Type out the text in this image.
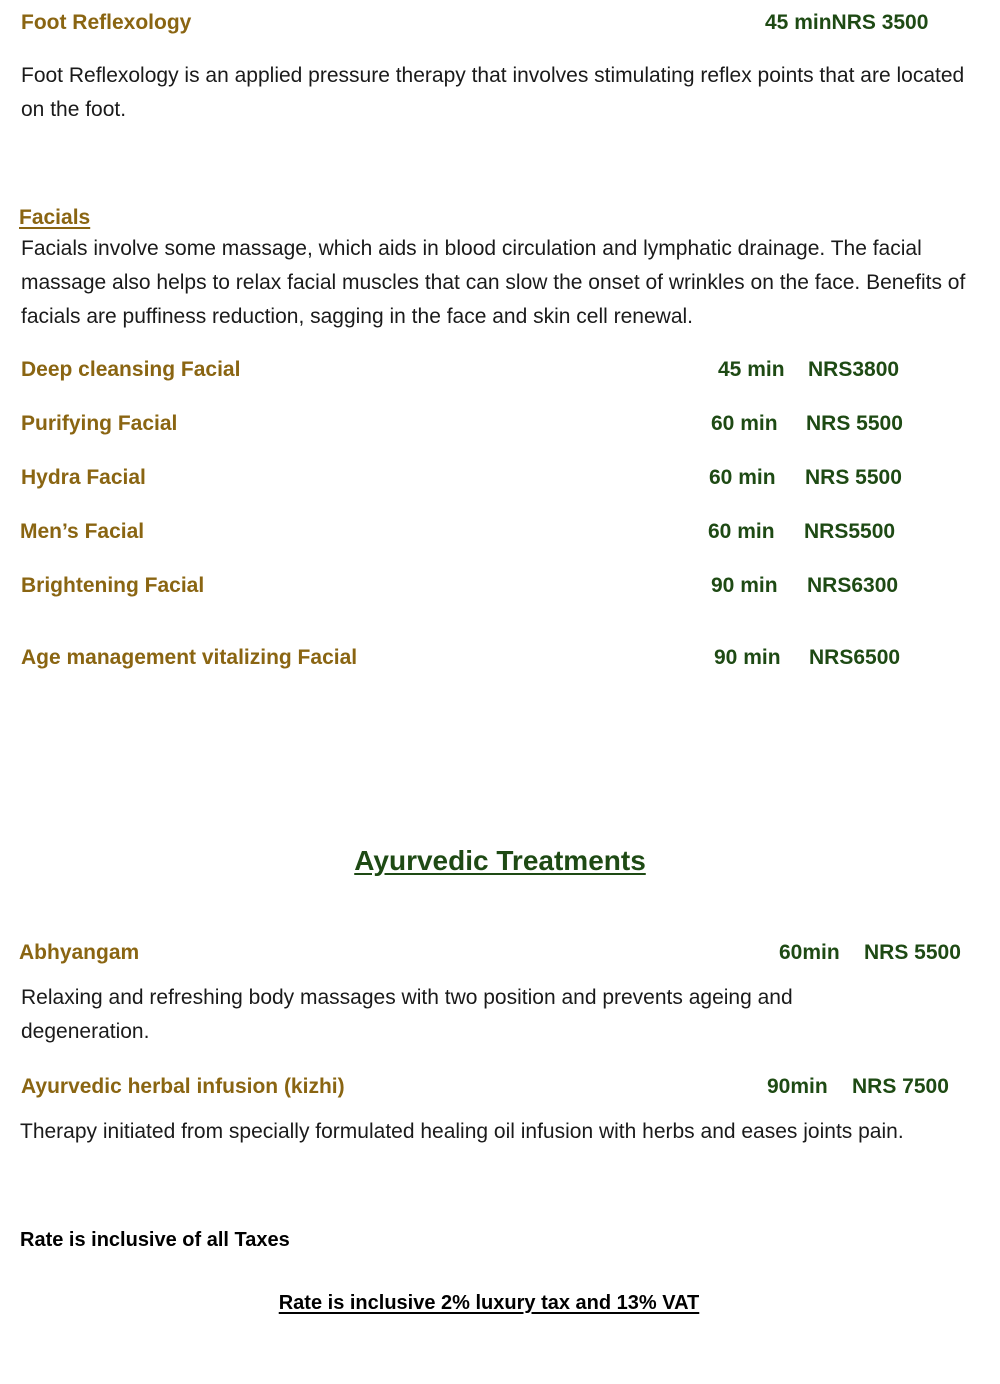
Foot Reflexology	45 minNRS 3500
Foot Reflexology is an applied pressure therapy that involves stimulating reflex points that are located on the foot.
Facials
Facials involve some massage, which aids in blood circulation and lymphatic drainage. The facial massage also helps to relax facial muscles that can slow the onset of wrinkles on the face. Benefits of facials are puffiness reduction, sagging in the face and skin cell renewal.
Deep cleansing Facial	45 min NRS3800
Purifying Facial	60 min NRS 5500
Hydra Facial	60 min NRS 5500
Men’s Facial	60 min NRS5500
Brightening Facial	90 min NRS6300
Age management vitalizing Facial	90 min NRS6500
Ayurvedic Treatments
Abhyangam	60min NRS 5500
Relaxing and refreshing body massages with two position and prevents ageing and degeneration.
Ayurvedic herbal infusion (kizhi)	90min NRS 7500
Therapy initiated from specially formulated healing oil infusion with herbs and eases joints pain.
Rate is inclusive of all Taxes
Rate is inclusive 2% luxury tax and 13% VAT
